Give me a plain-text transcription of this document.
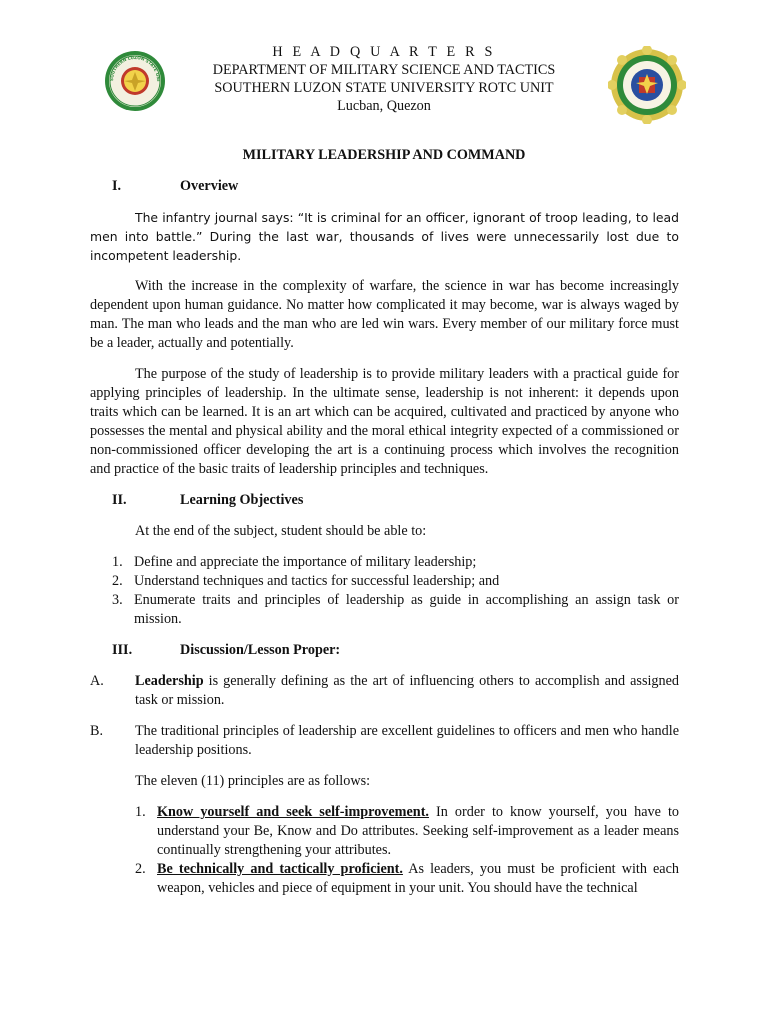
SOUTHERN LUZON STATE UNI
H E A D Q U A R T E R S
DEPARTMENT OF MILITARY SCIENCE AND TACTICS
SOUTHERN LUZON STATE UNIVERSITY ROTC UNIT
Lucban, Quezon
MILITARY LEADERSHIP AND COMMAND
I.	Overview

The infantry journal says: “It is criminal for an officer, ignorant of troop leading, to lead men into battle.” During the last war, thousands of lives were unnecessarily lost due to incompetent leadership.

With the increase in the complexity of warfare, the science in war has become increasingly dependent upon human guidance. No matter how complicated it may become, war is always waged by man. The man who leads and the man who are led win wars. Every member of our military force must be a leader, actually and potentially.

The purpose of the study of leadership is to provide military leaders with a practical guide for applying principles of leadership. In the ultimate sense, leadership is not inherent: it depends upon traits which can be learned. It is an art which can be acquired, cultivated and practiced by anyone who possesses the mental and physical ability and the moral ethical integrity expected of a commissioned or non-commissioned officer developing the art is a continuing process which involves the recognition and practice of the basic traits of leadership principles and techniques.

II.	Learning Objectives

At the end of the subject, student should be able to:

1. Define and appreciate the importance of military leadership;
2. Understand techniques and tactics for successful leadership; and
3. Enumerate traits and principles of leadership as guide in accomplishing an assign task or mission.
III.	Discussion/Lesson Proper:
A.	Leadership is generally defining as the art of influencing others to accomplish and assigned task or mission.
B.	The traditional principles of leadership are excellent guidelines to officers and men who handle leadership positions.

The eleven (11) principles are as follows:

1. Know yourself and seek self-improvement. In order to know yourself, you have to understand your Be, Know and Do attributes. Seeking self-improvement as a leader means continually strengthening your attributes.
2. Be technically and tactically proficient. As leaders, you must be proficient with each weapon, vehicles and piece of equipment in your unit. You should have the technical
